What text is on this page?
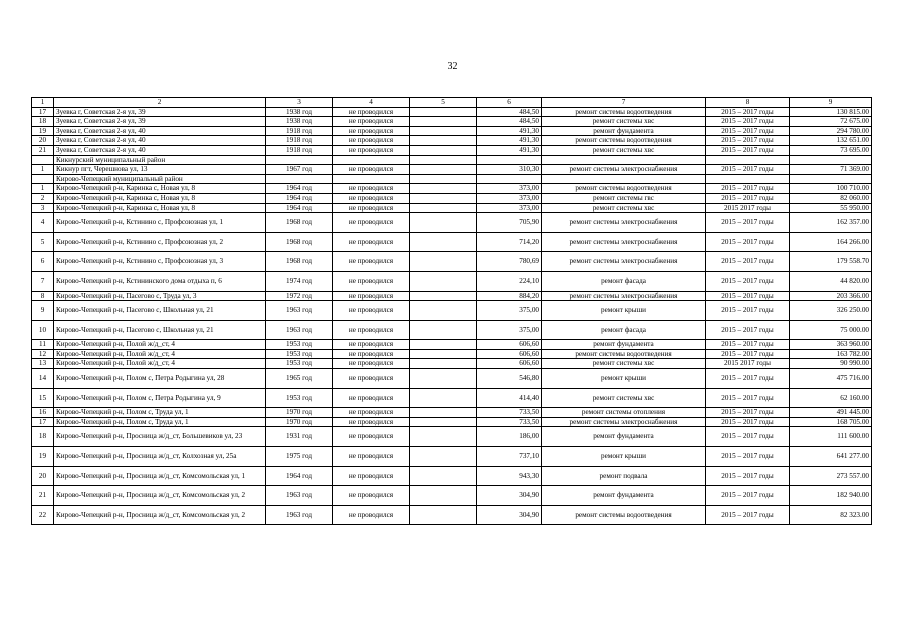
32
1	2	3	4	5	6	7	8	9
17	Зуевка г, Советская 2-я ул, 39	1938 год	не проводился		484,50	ремонт системы водоотведения	2015 – 2017 годы	130 815.00
18	Зуевка г, Советская 2-я ул, 39	1938 год	не проводился		484,50	ремонт системы хвс	2015 – 2017 годы	72 675.00
19	Зуевка г, Советская 2-я ул, 40	1918 год	не проводился		491,30	ремонт фундамента	2015 – 2017 годы	294 780.00
20	Зуевка г, Советская 2-я ул, 40	1918 год	не проводился		491,30	ремонт системы водоотведения	2015 – 2017 годы	132 651.00
21	Зуевка г, Советская 2-я ул, 40	1918 год	не проводился		491,30	ремонт системы хвс	2015 – 2017 годы	73 695.00
	Кикнурский муниципальный район							
1	Кикнур пгт, Черешнова ул, 13	1967 год	не проводился		310,30	ремонт системы электроснабжения	2015 – 2017 годы	71 369.00
	Кирово-Чепецкий муниципальный район							
1	Кирово-Чепецкий р-н, Каринка с, Новая ул, 8	1964 год	не проводился		373,00	ремонт системы водоотведения	2015 – 2017 годы	100 710.00
2	Кирово-Чепецкий р-н, Каринка с, Новая ул, 8	1964 год	не проводился		373,00	ремонт системы гвс	2015 – 2017 годы	82 060.00
3	Кирово-Чепецкий р-н, Каринка с, Новая ул, 8	1964 год	не проводился		373,00	ремонт системы хвс	2015 2017 годы	55 950.00
4	Кирово-Чепецкий р-н, Кстинино с, Профсоюзная ул, 1	1968 год	не проводился		705,90	ремонт системы электроснабжения	2015 – 2017 годы	162 357.00
5	Кирово-Чепецкий р-н, Кстинино с, Профсоюзная ул, 2	1968 год	не проводился		714,20	ремонт системы электроснабжения	2015 – 2017 годы	164 266.00
6	Кирово-Чепецкий р-н, Кстинино с, Профсоюзная ул, 3	1968 год	не проводился		780,69	ремонт системы электроснабжения	2015 – 2017 годы	179 558.70
7	Кирово-Чепецкий р-н, Кстининского дома отдыха п, 6	1974 год	не проводился		224,10	ремонт фасада	2015 – 2017 годы	44 820.00
8	Кирово-Чепецкий р-н, Пасегово с, Труда ул, 3	1972 год	не проводился		884,20	ремонт системы электроснабжения	2015 – 2017 годы	203 366.00
9	Кирово-Чепецкий р-н, Пасегово с, Школьная ул, 21	1963 год	не проводился		375,00	ремонт крыши	2015 – 2017 годы	326 250.00
10	Кирово-Чепецкий р-н, Пасегово с, Школьная ул, 21	1963 год	не проводился		375,00	ремонт фасада	2015 – 2017 годы	75 000.00
11	Кирово-Чепецкий р-н, Полой ж/д_ст, 4	1953 год	не проводился		606,60	ремонт фундамента	2015 – 2017 годы	363 960.00
12	Кирово-Чепецкий р-н, Полой ж/д_ст, 4	1953 год	не проводился		606,60	ремонт системы водоотведения	2015 – 2017 годы	163 782.00
13	Кирово-Чепецкий р-н, Полой ж/д_ст, 4	1953 год	не проводился		606,60	ремонт системы хвс	2015 2017 годы	90 990.00
14	Кирово-Чепецкий р-н, Полом с, Петра Родыгина ул, 28	1965 год	не проводился		546,80	ремонт крыши	2015 – 2017 годы	475 716.00
15	Кирово-Чепецкий р-н, Полом с, Петра Родыгина ул, 9	1953 год	не проводился		414,40	ремонт системы хвс	2015 – 2017 годы	62 160.00
16	Кирово-Чепецкий р-н, Полом с, Труда ул, 1	1970 год	не проводился		733,50	ремонт системы отопления	2015 – 2017 годы	491 445.00
17	Кирово-Чепецкий р-н, Полом с, Труда ул, 1	1970 год	не проводился		733,50	ремонт системы электроснабжения	2015 – 2017 годы	168 705.00
18	Кирово-Чепецкий р-н, Просница ж/д_ст, Большевиков ул, 23	1931 год	не проводился		186,00	ремонт фундамента	2015 – 2017 годы	111 600.00
19	Кирово-Чепецкий р-н, Просница ж/д_ст, Колхозная ул, 25а	1975 год	не проводился		737,10	ремонт крыши	2015 – 2017 годы	641 277.00
20	Кирово-Чепецкий р-н, Просница ж/д_ст, Комсомольская ул, 1	1964 год	не проводился		943,30	ремонт подвала	2015 – 2017 годы	273 557.00
21	Кирово-Чепецкий р-н, Просница ж/д_ст, Комсомольская ул, 2	1963 год	не проводился		304,90	ремонт фундамента	2015 – 2017 годы	182 940.00
22	Кирово-Чепецкий р-н, Просница ж/д_ст, Комсомольская ул, 2	1963 год	не проводился		304,90	ремонт системы водоотведения	2015 – 2017 годы	82 323.00
